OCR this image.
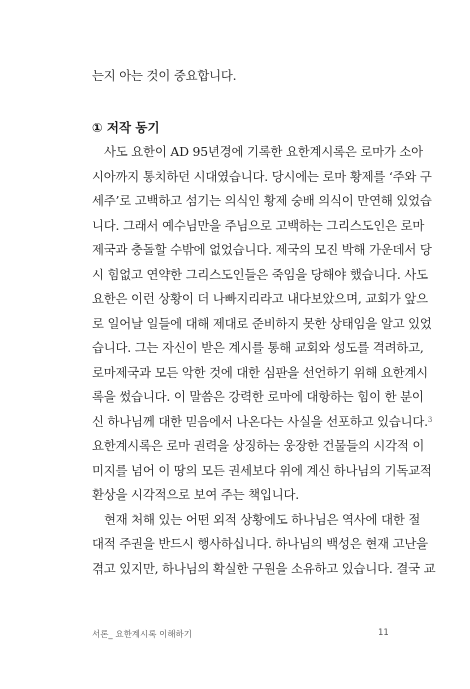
는지 아는 것이 중요합니다.
① 저작 동기
사도 요한이 AD 95년경에 기록한 요한계시록은 로마가 소아
시아까지 통치하던 시대였습니다. 당시에는 로마 황제를 ‘주와 구
세주’로 고백하고 섬기는 의식인 황제 숭배 의식이 만연해 있었습
니다. 그래서 예수님만을 주님으로 고백하는 그리스도인은 로마
제국과 충돌할 수밖에 없었습니다. 제국의 모진 박해 가운데서 당
시 힘없고 연약한 그리스도인들은 죽임을 당해야 했습니다. 사도
요한은 이런 상황이 더 나빠지리라고 내다보았으며, 교회가 앞으
로 일어날 일들에 대해 제대로 준비하지 못한 상태임을 알고 있었
습니다. 그는 자신이 받은 계시를 통해 교회와 성도를 격려하고,
로마제국과 모든 악한 것에 대한 심판을 선언하기 위해 요한계시
록을 썼습니다. 이 말씀은 강력한 로마에 대항하는 힘이 한 분이
신 하나님께 대한 믿음에서 나온다는 사실을 선포하고 있습니다.$^3$
요한계시록은 로마 권력을 상징하는 웅장한 건물들의 시각적 이
미지를 넘어 이 땅의 모든 권세보다 위에 계신 하나님의 기독교적
환상을 시각적으로 보여 주는 책입니다.
현재 처해 있는 어떤 외적 상황에도 하나님은 역사에 대한 절
대적 주권을 반드시 행사하십니다. 하나님의 백성은 현재 고난을
겪고 있지만, 하나님의 확실한 구원을 소유하고 있습니다. 결국 교
서론_ 요한계시록 이해하기	11
